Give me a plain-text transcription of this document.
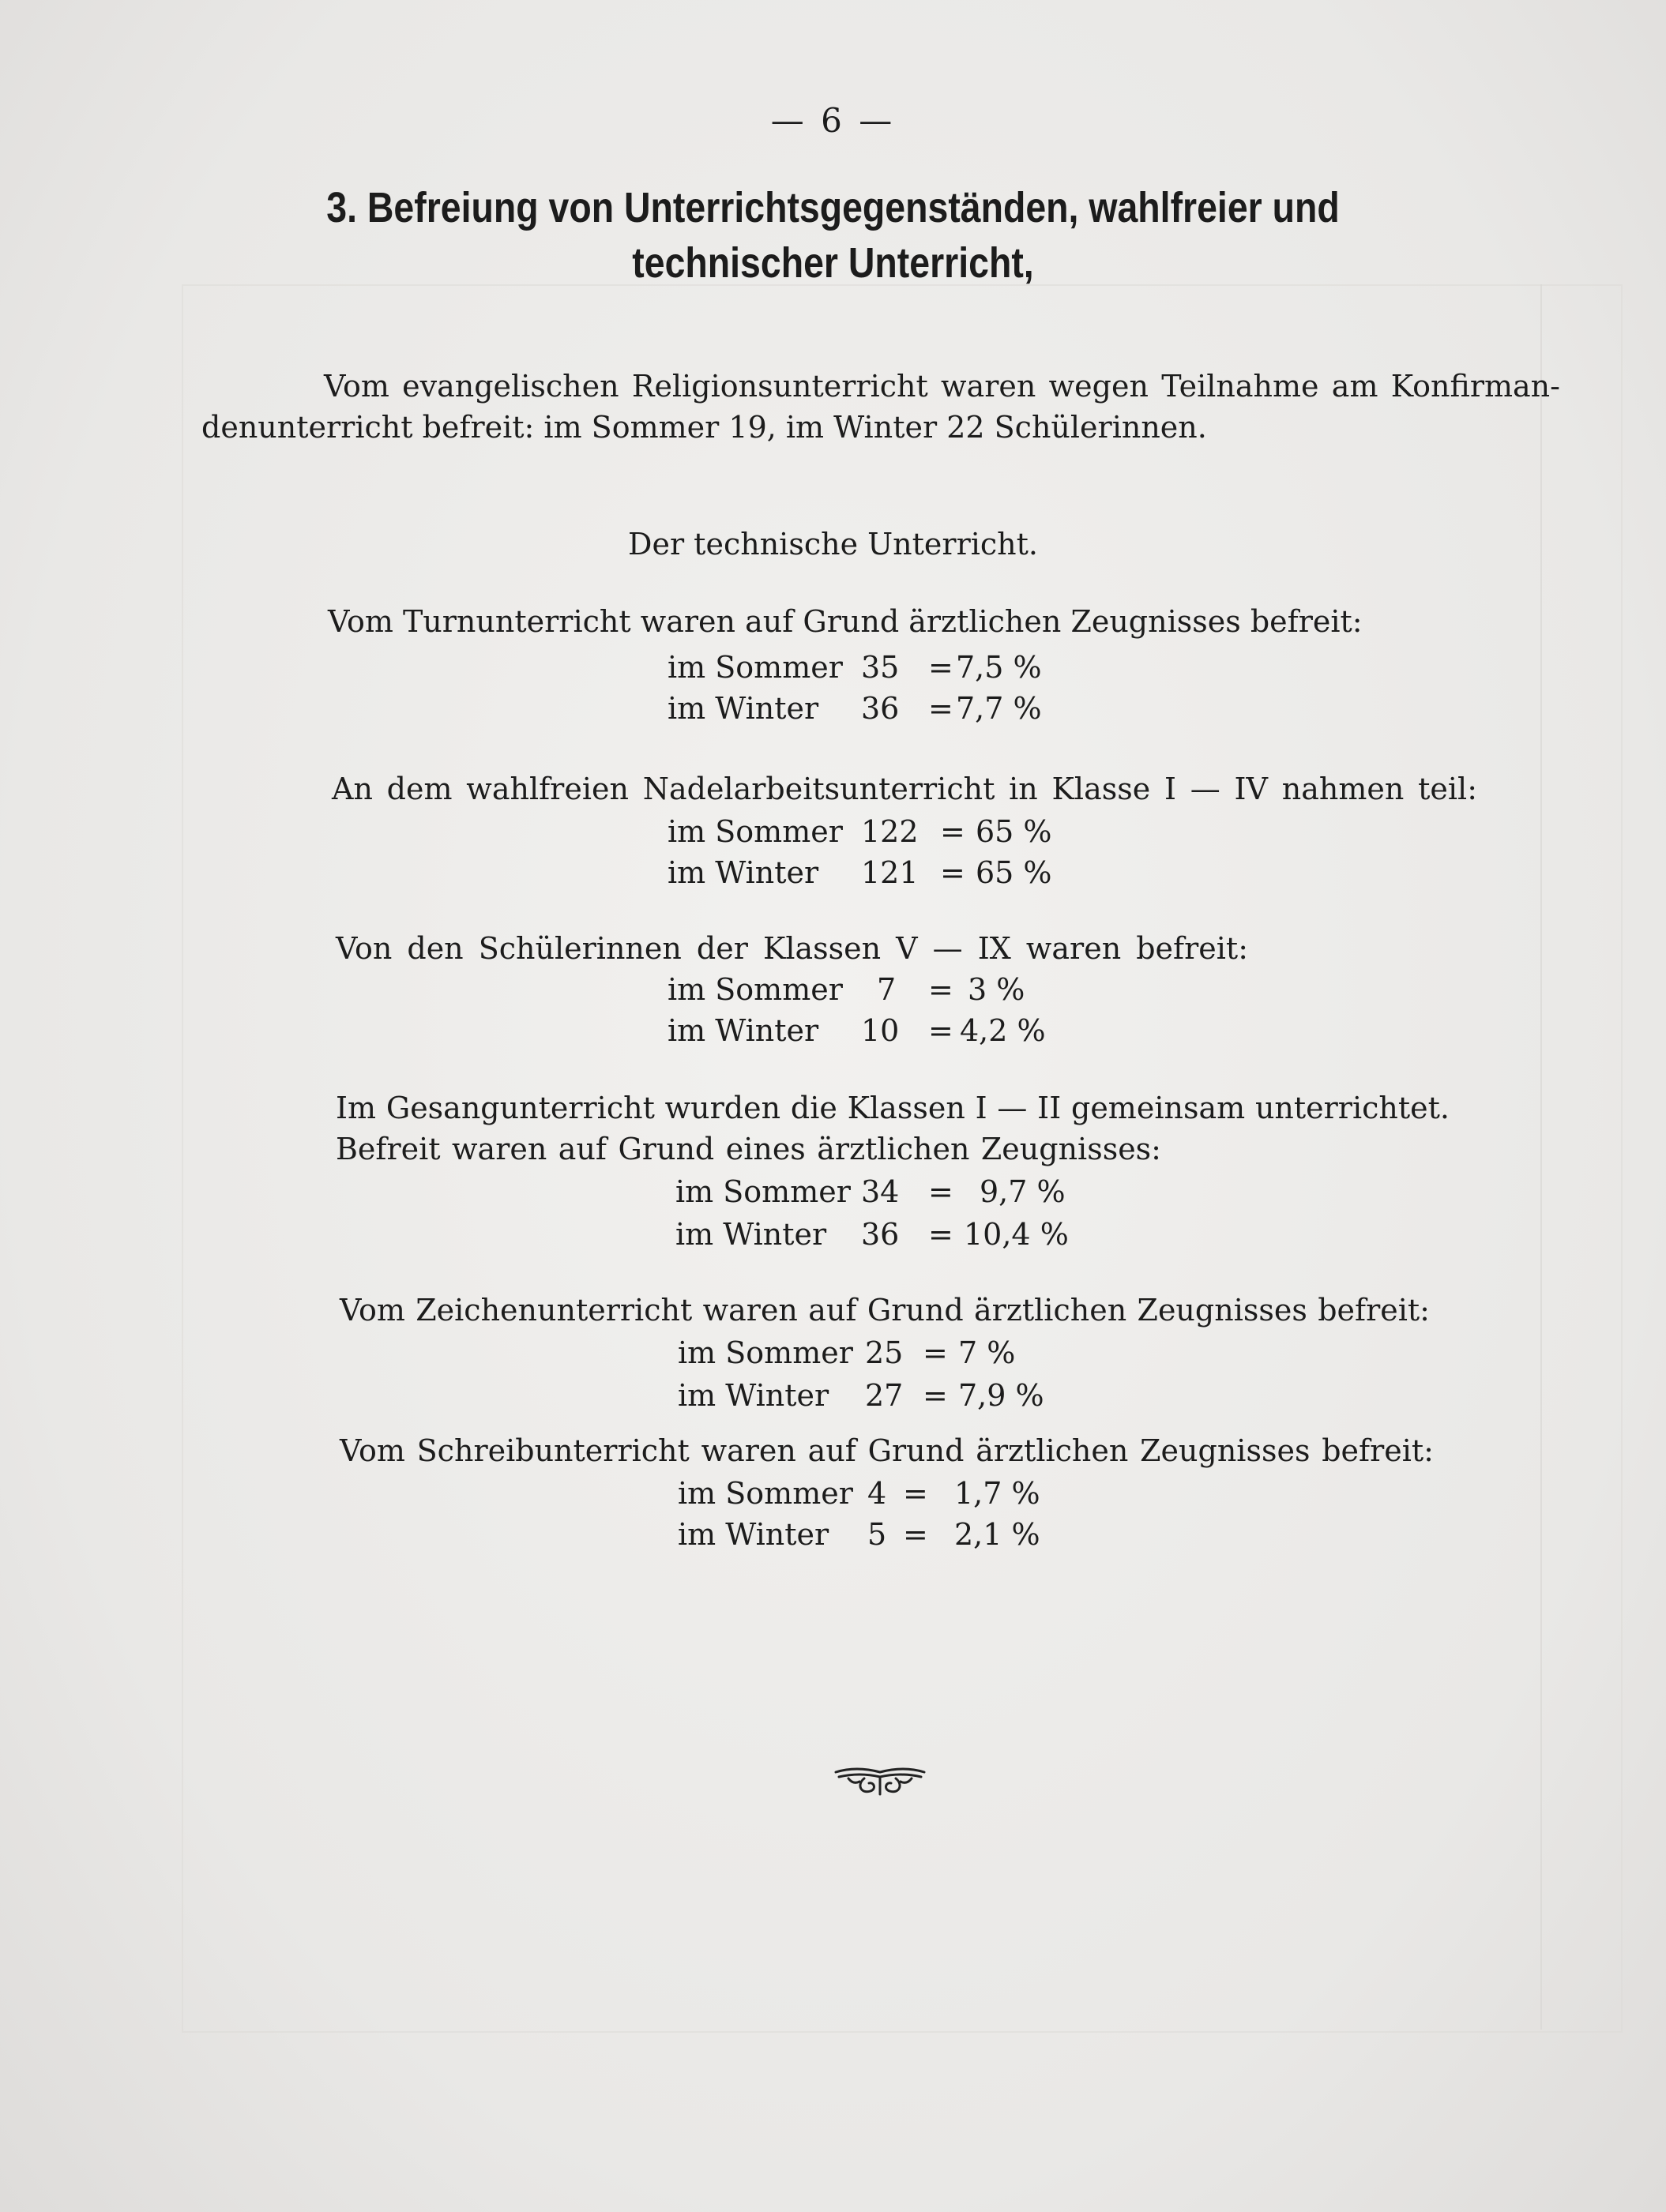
— 6 —
3. Befreiung von Unterrichtsgegenständen, wahlfreier und
technischer Unterricht,
Vom evangelischen Religionsunterricht waren wegen Teilnahme am Konfirman-
denunterricht befreit: im Sommer 19, im Winter 22 Schülerinnen.
Der technische Unterricht.
Vom Turnunterricht waren auf Grund ärztlichen Zeugnisses befreit:
im Sommer 35 = 7,5 %
im Winter 36 = 7,7 %
An dem wahlfreien Nadelarbeitsunterricht in Klasse I — IV nahmen teil:
im Sommer 122 = 65 %
im Winter 121 = 65 %
Von den Schülerinnen der Klassen V — IX waren befreit:
im Sommer 7 = 3 %
im Winter 10 = 4,2 %
Im Gesangunterricht wurden die Klassen I — II gemeinsam unterrichtet.
Befreit waren auf Grund eines ärztlichen Zeugnisses:
im Sommer 34 = 9,7 %
im Winter 36 = 10,4 %
Vom Zeichenunterricht waren auf Grund ärztlichen Zeugnisses befreit:
im Sommer 25 = 7 %
im Winter 27 = 7,9 %
Vom Schreibunterricht waren auf Grund ärztlichen Zeugnisses befreit:
im Sommer 4 = 1,7 %
im Winter 5 = 2,1 %
